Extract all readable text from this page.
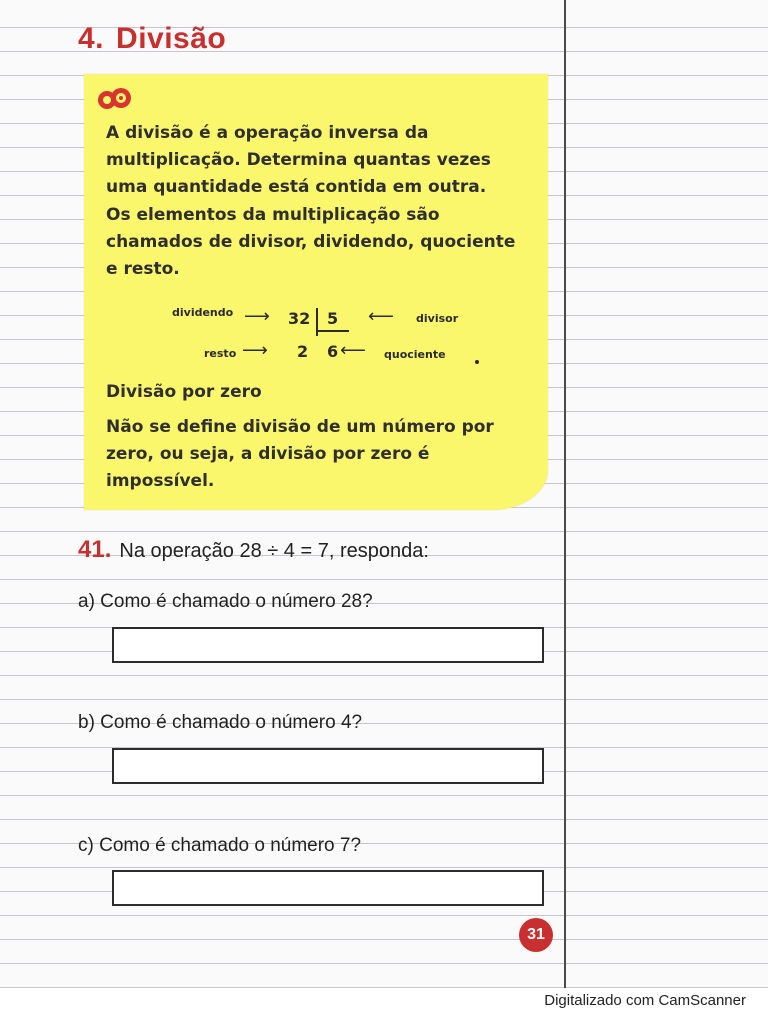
4. Divisão

A divisão é a operação inversa da multiplicação. Determina quantas vezes uma quantidade está contida em outra.

Os elementos da multiplicação são chamados de divisor, dividendo, quociente e resto.

dividendo ⟶ 32 5 ⟵ divisor
resto ⟶ 2 6 ⟵ quociente
Divisão por zero

Não se define divisão de um número por zero, ou seja, a divisão por zero é impossível.

41. Na operação 28 ÷ 4 = 7, responda:

a) Como é chamado o número 28?

b) Como é chamado o número 4?

c) Como é chamado o número 7?

31

Digitalizado com CamScanner
